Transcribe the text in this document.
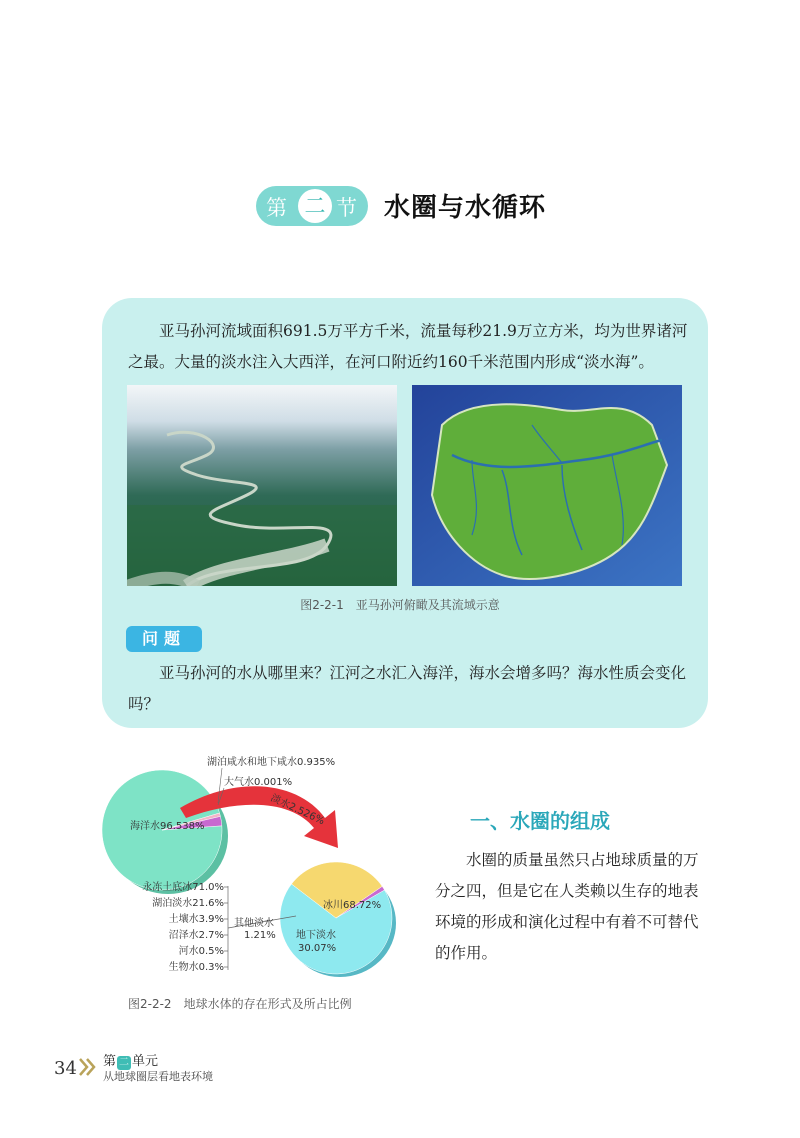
第 二 节 水圈与水循环
亚马孙河流域面积691.5万平方千米，流量每秒21.9万立方米，均为世界诸河之最。大量的淡水注入大西洋，在河口附近约160千米范围内形成“淡水海”。
图2-2-1　亚马孙河俯瞰及其流域示意
问题
亚马孙河的水从哪里来？江河之水汇入海洋，海水会增多吗？海水性质会变化吗？
淡水2.526%
湖泊咸水和地下咸水0.935%
大气水0.001%
海洋水96.538%
冰川68.72%
地下淡水
30.07%
永冻土底冰71.0%
湖泊淡水21.6%
土壤水3.9%
沼泽水2.7%
河水0.5%
生物水0.3%
其他淡水
1.21%
图2-2-2　地球水体的存在形式及所占比例
一、水圈的组成
水圈的质量虽然只占地球质量的万分之四，但是它在人类赖以生存的地表环境的形成和演化过程中有着不可替代的作用。
34 第 二 单元
从地球圈层看地表环境
